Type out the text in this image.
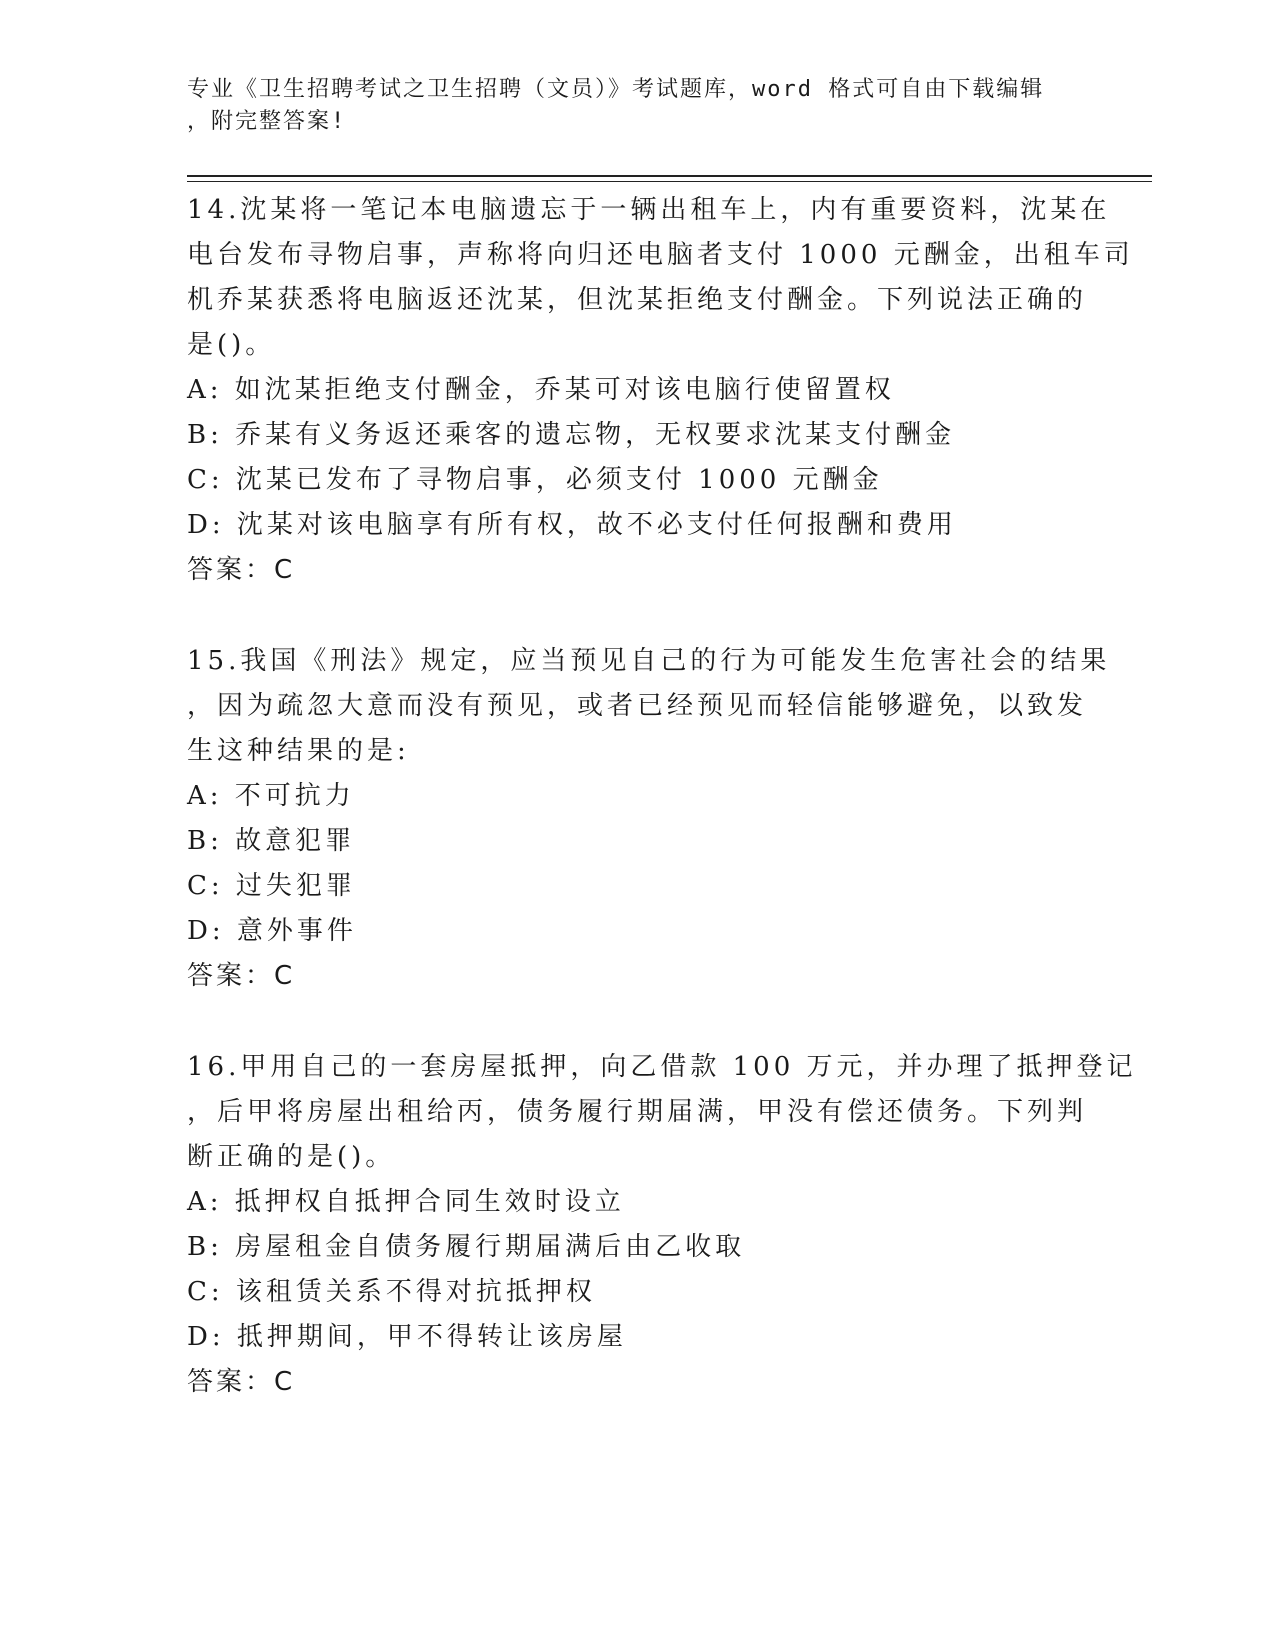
专业《卫生招聘考试之卫生招聘（文员）》考试题库，word 格式可自由下载编辑
，附完整答案!
14.沈某将一笔记本电脑遗忘于一辆出租车上，内有重要资料，沈某在
电台发布寻物启事，声称将向归还电脑者支付 1000 元酬金，出租车司
机乔某获悉将电脑返还沈某，但沈某拒绝支付酬金。下列说法正确的
是()。
A: 如沈某拒绝支付酬金，乔某可对该电脑行使留置权
B: 乔某有义务返还乘客的遗忘物，无权要求沈某支付酬金
C: 沈某已发布了寻物启事，必须支付 1000 元酬金
D: 沈某对该电脑享有所有权，故不必支付任何报酬和费用
答案：C
15.我国《刑法》规定，应当预见自己的行为可能发生危害社会的结果
，因为疏忽大意而没有预见，或者已经预见而轻信能够避免，以致发
生这种结果的是:
A: 不可抗力
B: 故意犯罪
C: 过失犯罪
D: 意外事件
答案：C
16.甲用自己的一套房屋抵押，向乙借款 100 万元，并办理了抵押登记
，后甲将房屋出租给丙，债务履行期届满，甲没有偿还债务。下列判
断正确的是()。
A: 抵押权自抵押合同生效时设立
B: 房屋租金自债务履行期届满后由乙收取
C: 该租赁关系不得对抗抵押权
D: 抵押期间，甲不得转让该房屋
答案：C
